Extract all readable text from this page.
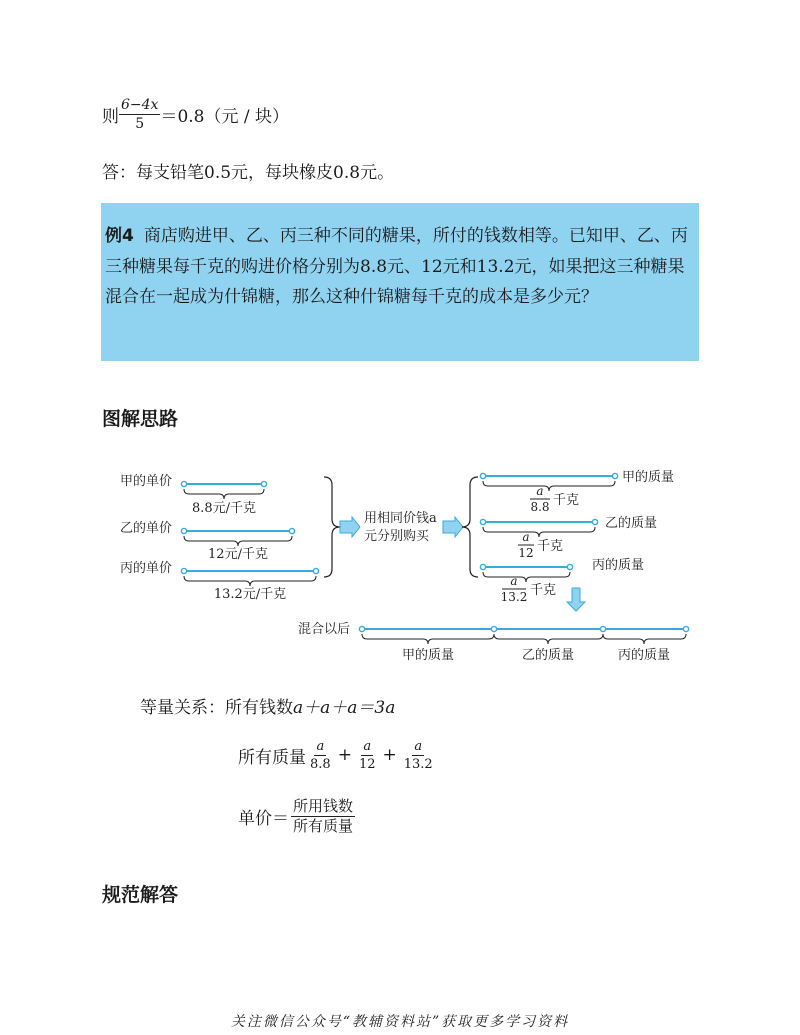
则 $\frac{6-4x}{5} =0.8$（元 / 块）
答：每支铅笔0.5元，每块橡皮0.8元。

例4 商店购进甲、乙、丙三种不同的糖果，所付的钱数相等。已知甲、乙、丙三种糖果每千克的购进价格分别为8.8元、12元和13.2元，如果把这三种糖果混合在一起成为什锦糖，那么这种什锦糖每千克的成本是多少元？

图解思路
甲的单价
乙的单价
丙的单价
8.8元/千克
12元/千克
13.2元/千克
用相同价钱a
元分别购买
甲的质量
乙的质量
丙的质量
a
8.8 千克
a
12 千克
a
13.2 千克
混合以后
甲的质量	乙的质量	丙的质量
等量关系：所有钱数a＋a＋a＝3a
所有质量 $\frac{a}{8.8} + \frac{a}{12} + \frac{a}{13.2}$
单价＝ $\frac{\text{所用钱数}}{\text{所有质量}}$
规范解答
关注微信公众号“教辅资料站”获取更多学习资料
